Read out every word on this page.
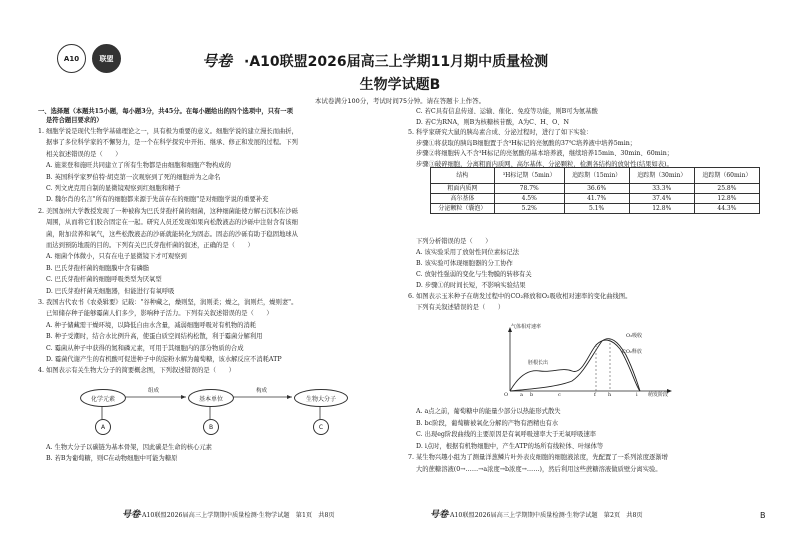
A10	联盟	号卷 ·A10联盟2026届高三上学期11月期中质量检测
生物学试题B
本试卷满分100分，考试时间75分钟。请在答题卡上作答。
一、选择题（本题共15小题，每小题3分，共45分。在每小题给出的四个选项中，只有一项
是符合题目要求的）
1. 细胞学说是现代生物学基础理论之一，具有极为重要的意义。细胞学说的建立漫长而曲折，
据事了多位科学家的不懈努力，是一个在科学探究中开拓、继承、修正和发展的过程。下列
相关叙述错误的是（　　）
A. 施莱登和施旺共同建立了所有生物都是由细胞和细胞产物构成的
B. 英国科学家罗伯特·胡克第一次观察到了死的细胞并为之命名
C. 列文虎克用自制的显微镜观察到红细胞和精子
D. 魏尔肖的名言"所有的细胞都来源于先前存在的细胞"是对细胞学说的重要补充
2. 美国加州大学教授发现了一种被称为巴氏芽孢杆菌的细菌，这种细菌能使方解石沉积在沙砾
周围，从而将它们胶合固定在一起。研究人员还发现如果向松散液态的沙砾中注射含有该细
菌，附加营养和氧气，这些松散液态的沙砾就能转化为固态。固态的沙砾有助于稳固地球从
而达到预防地震的目的。下列有关巴氏芽孢杆菌的叙述，正确的是（　　）
A. 细菌个体微小，只有在电子显微镜下才可观察到
B. 巴氏芽孢杆菌的细胞膜中含有磷脂
C. 巴氏芽孢杆菌的细胞呼吸类型为厌氧型
D. 巴氏芽孢杆菌无细胞器，但能进行有氧呼吸
3. 我国古代农书《农桑辑要》记载："谷种藏之，燥则坚，润则柔；燥之，润则烂，燥则妻"。
已知储存种子能够霉菌人们多少，影响种子活力。下列有关叙述错误的是（　　）
A. 种子储藏需干燥环境，以降低自由水含量，减弱细胞呼吸对有机物的消耗
B. 种子受潮时，结合水比例升高，使蛋白质空间结构松散，利于霉菌分解利用
C. 霉菌从种子中获得的氮和磷元素，可用于其细胞内的部分物质的合成
D. 霉菌代谢产生的有机酸可促进种子中的淀粉水解为葡萄糖，该水解反应不消耗ATP
4. 如图表示有关生物大分子的简要概念图，下列叙述错误的是（　　）
化学元素	基本单位	生物大分子
组成	构成
A	B	C
A. 生物大分子以碳链为基本骨架，因此碳是生命的核心元素
B. 若B为葡萄糖，则C在动物细胞中可能为糖原
号卷·A10联盟2026届高三上学期期中质量检测·生物学试题　第1页　共8页
C. 若C具有信息传递、运输、催化、免疫等功能，则B可为氨基酸
D. 若C为RNA，则B为核糖核苷酸，A为C、H、O、N
5. 科学家研究大鼠的胰岛素合成、分泌过程时，进行了如下实验：
步骤①将获取的胰岛B细胞置于含³H标记的亮氨酸的37℃培养液中培养5min；
步骤②将细胞转入不含³H标记的亮氨酸的基本培养液，继续培养15min、30min、60min；
步骤③破碎细胞，分离粗面内质网、高尔基体、分泌颗粒，检测各结构的放射性(结果如表)。
结构	³H标记期（5min）	追踪期（15min）	追踪期（30min）	追踪期（60min）
粗面内质网	78.7%	36.6%	33.3%	25.8%
高尔基体	4.5%	41.7%	37.4%	12.8%
分泌颗粒（囊泡）	5.2%	5.1%	12.8%	44.3%
下列分析错误的是（　　）
A. 该实验采用了放射性同位素标记法
B. 该实验可体现细胞器的分工协作
C. 放射性强弱的变化与生物膜的转移有关
D. 步骤①的时间长短，不影响实验结果
6. 如图表示玉米种子在萌发过程中的CO₂释放和O₂吸收相对速率的变化曲线图。
下列有关叙述错误的是（　　）
气体相对速率
CO₂释放
O₂吸收
胚根长出
萌发阶段
O a b	c	f h	i
A. a点之前，葡萄糖中的能量少部分以热能形式散失
B. bc阶段，葡萄糖被氧化分解的产物有酒精也有水
C. 出现eg阶段曲线的主要原因是有氧呼吸速率大于无氧呼吸速率
D. i点时，根据有机物细胞中，产生ATP的场所有线粒体、叶绿体等
7. 某生物兴趣小组为了测量洋葱鳞片叶外表皮细胞的细胞液浓度，先配置了一系列浓度逐渐增
大的蔗糖溶液(0→……→a浓度→b浓度→……)，然后利用这些蔗糖溶液做质壁分离实验。
号卷·A10联盟2026届高三上学期期中质量检测·生物学试题　第2页　共8页	B
